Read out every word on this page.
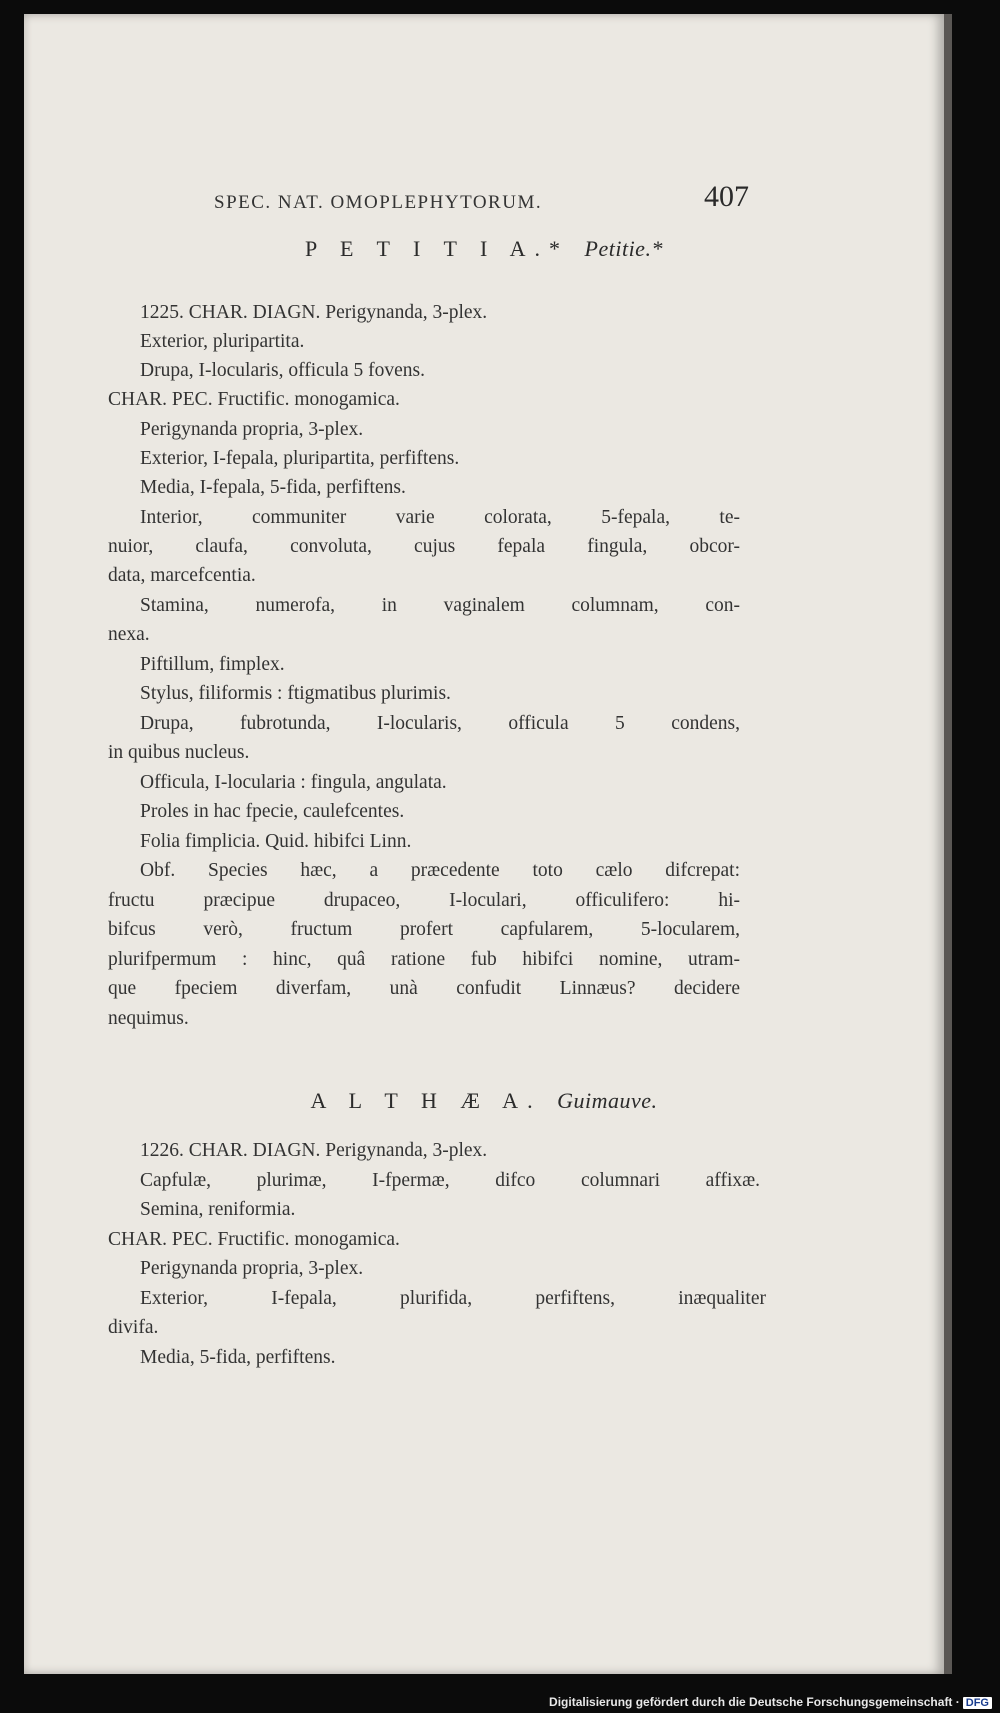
SPEC. NAT. OMOPLEPHYTORUM.	407
P E T I T I A.* Petitie.*
1225. CHAR. DIAGN. Perigynanda, 3-plex.
Exterior, pluripartita.
Drupa, I-locularis, officula 5 fovens.
CHAR. PEC. Fructific. monogamica.
Perigynanda propria, 3-plex.
Exterior, I-fepala, pluripartita, perfiftens.
Media, I-fepala, 5-fida, perfiftens.
Interior, communiter varie colorata, 5-fepala, te-
nuior, claufa, convoluta, cujus fepala fingula, obcor-
data, marcefcentia.
Stamina, numerofa, in vaginalem columnam, con-
nexa.
Piftillum, fimplex.
Stylus, filiformis : ftigmatibus plurimis.
Drupa, fubrotunda, I-locularis, officula 5 condens,
in quibus nucleus.
Officula, I-locularia : fingula, angulata.
Proles in hac fpecie, caulefcentes.
Folia fimplicia. Quid. hibifci Linn.
Obf. Species hæc, a præcedente toto cælo difcrepat:
fructu præcipue drupaceo, I-loculari, officulifero: hi-
bifcus verò, fructum profert capfularem, 5-locularem,
plurifpermum : hinc, quâ ratione fub hibifci nomine, utram-
que fpeciem diverfam, unà confudit Linnæus? decidere
nequimus.
A L T H Æ A. Guimauve.
1226. CHAR. DIAGN. Perigynanda, 3-plex.
Capfulæ, plurimæ, I-fpermæ, difco columnari affixæ.
Semina, reniformia.
CHAR. PEC. Fructific. monogamica.
Perigynanda propria, 3-plex.
Exterior, I-fepala, plurifida, perfiftens, inæqualiter
divifa.
Media, 5-fida, perfiftens.
Digitalisierung gefördert durch die Deutsche Forschungsgemeinschaft · DFG
